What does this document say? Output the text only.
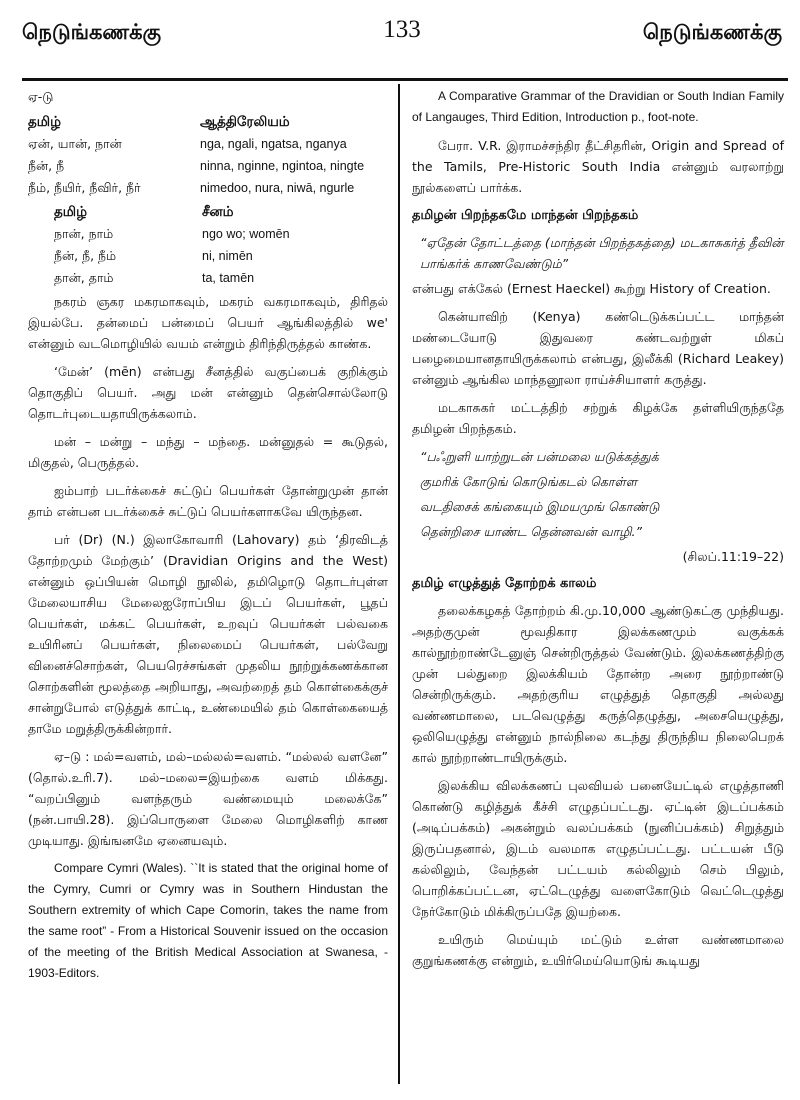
நெடுங்கணக்கு	133	நெடுங்கணக்கு
ஏ-டு
தமிழ்	ஆத்திரேலியம்
ஏன், யான், நான்	nga, ngali, ngatsa, nganya
நீன், நீ	ninna, nginne, ngintoa, ningte
நீம், நீயிர், நீவிர், நீர்	nimedoo, nura, niwā, ngurle
தமிழ்	சீனம்
நான், நாம்	ngo wo; womēn
நீன், நீ, நீம்	ni, nimēn
தான், தாம்	ta, tamēn

நகரம் ஞகர மகரமாகவும், மகரம் வகரமாகவும், திரிதல் இயல்பே. தன்மைப் பன்மைப் பெயர் ஆங்கிலத்தில் we' என்னும் வடமொழியில் வயம் என்றும் திரிந்திருத்தல் காண்க.

‘மேன்’ (mēn) என்பது சீனத்தில் வகுப்பைக் குறிக்கும் தொகுதிப் பெயர். அது மன் என்னும் தென்சொல்லோடு தொடர்புடையதாயிருக்கலாம்.

மன் – மன்று – மந்து – மந்தை. மன்னுதல் = கூடுதல், மிகுதல், பெருத்தல்.

ஐம்பாற் படர்க்கைச் சுட்டுப் பெயர்கள் தோன்றுமுன் தான் தாம் என்பன படர்க்கைச் சுட்டுப் பெயர்களாகவே யிருந்தன.

பர் (Dr) (N.) இலாகோவாரி (Lahovary) தம் ‘திரவிடத் தோற்றமும் மேற்கும்’ (Dravidian Origins and the West) என்னும் ஒப்பியன் மொழி நூலில், தமிழொடு தொடர்புள்ள மேலையாசிய மேலைஐரோப்பிய இடப் பெயர்கள், பூதப் பெயர்கள், மக்கட் பெயர்கள், உறவுப் பெயர்கள் பல்வகை உயிரினப் பெயர்கள், நிலைமைப் பெயர்கள், பல்வேறு வினைச்சொற்கள், பெயரெச்சங்கள் முதலிய நூற்றுக்கணக்கான சொற்களின் மூலத்தை அறியாது, அவற்றைத் தம் கொள்கைக்குச் சான்றுபோல் எடுத்துக் காட்டி, உண்மையில் தம் கொள்கையைத் தாமே மறுத்திருக்கின்றார்.

ஏ–டு : மல்=வளம், மல்–மல்லல்=வளம். “மல்லல் வளனே” (தொல்.உரி.7). மல்–மலை=இயற்கை வளம் மிக்கது. “வறப்பினும் வளந்தரும் வண்மையும் மலைக்கே” (நன்.பாயி.28). இப்பொருளை மேலை மொழிகளிற் காண முடியாது. இங்ஙனமே ஏனையவும்.

Compare Cymri (Wales). ``It is stated that the original home of the Cymry, Cumri or Cymry was in Southern Hindustan the Southern extremity of which Cape Comorin, takes the name from the same root” - From a Historical Souvenir issued on the occasion of the meeting of the British Medical Association at Swanesa, - 1903-Editors.

A Comparative Grammar of the Dravidian or South Indian Family of Langauges, Third Edition, Introduction p., foot-note.

பேரா. V.R. இராமச்சந்திர தீட்சிதரின், Origin and Spread of the Tamils, Pre-Historic South India என்னும் வரலாற்று நூல்களைப் பார்க்க.

தமிழன் பிறந்தகமே மாந்தன் பிறந்தகம்

“ஏதேன் தோட்டத்தை (மாந்தன் பிறந்தகத்தை) மடகாசுகர்த் தீவின் பாங்கர்க் காணவேண்டும்”

என்பது எக்கேல் (Ernest Haeckel) கூற்று History of Creation.

கென்யாவிற் (Kenya) கண்டெடுக்கப்பட்ட மாந்தன் மண்டையோடு இதுவரை கண்டவற்றுள் மிகப் பழைமையானதாயிருக்கலாம் என்பது, இலீக்கி (Richard Leakey) என்னும் ஆங்கில மாந்தனூலா ராய்ச்சியாளர் கருத்து.

மடகாசுகர் மட்டத்திற் சற்றுக் கிழக்கே தள்ளியிருந்ததே தமிழன் பிறந்தகம்.

“பஃறுளி யாற்றுடன் பன்மலை யடுக்கத்துக்
குமரிக் கோடுங் கொடுங்கடல் கொள்ள
வடதிசைக் கங்கையும் இமயமுங் கொண்டு
தென்றிசை யாண்ட தென்னவன் வாழி.”
(சிலப்.11:19–22)
தமிழ் எழுத்துத் தோற்றக் காலம்

தலைக்கழகத் தோற்றம் கி.மு.10,000 ஆண்டுகட்கு முந்தியது. அதற்குமுன் மூவதிகார இலக்கணமும் வகுக்கக் கால்நூற்றாண்டேனுஞ் சென்றிருத்தல் வேண்டும். இலக்கணத்திற்கு முன் பல்துறை இலக்கியம் தோன்ற அரை நூற்றாண்டு சென்றிருக்கும். அதற்குரிய எழுத்துத் தொகுதி அல்லது வண்ணமாலை, படவெழுத்து கருத்தெழுத்து, அசையெழுத்து, ஒலியெழுத்து என்னும் நால்நிலை கடந்து திருந்திய நிலைபெறக் கால் நூற்றாண்டாயிருக்கும்.

இலக்கிய விலக்கணப் புலவியல் பனையேட்டில் எழுத்தாணி கொண்டு கழித்துக் கீச்சி எழுதப்பட்டது. ஏட்டின் இடப்பக்கம் (அடிப்பக்கம்) அகன்றும் வலப்பக்கம் (நுனிப்பக்கம்) சிறுத்தும் இருப்பதனால், இடம் வலமாக எழுதப்பட்டது. பட்டயன் பீடு கல்லிலும், வேந்தன் பட்டயம் கல்லிலும் செம் பிலும், பொறிக்கப்பட்டன, ஏட்டெழுத்து வளைகோடும் வெட்டெழுத்து நேர்கோடும் மிக்கிருப்பதே இயற்கை.

உயிரும் மெய்யும் மட்டும் உள்ள வண்ணமாலை குறுங்கணக்கு என்றும், உயிர்மெய்யொடுங் கூடியது
